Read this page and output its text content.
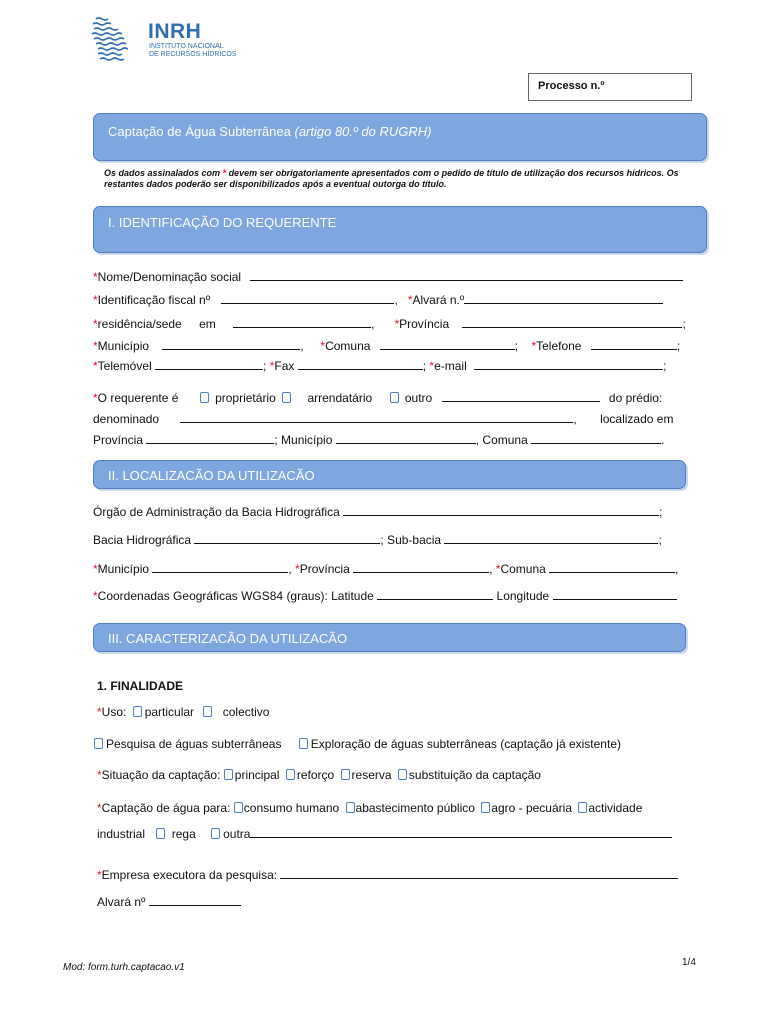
INRH
INSTITUTO NACIONAL
DE RECURSOS HÍDRICOS
Processo n.º
Captação de Água Subterrânea (artigo 80.º do RUGRH)
Os dados assinalados com * devem ser obrigatoriamente apresentados com o pedido de título de utilização dos recursos hídricos. Os restantes dados poderão ser disponibilizados após a eventual outorga do título.
I. IDENTIFICAÇÃO DO REQUERENTE
*Nome/Denominação social
*Identificação fiscal nº	,   *Alvará n.º
*residência/sede em	,      *Província	;
*Município	,     *Comuna	;    *Telefone	;
*Telemóvel	; *Fax	; *e-mail	;
*O requerente é	proprietário	arrendatário	outro	do prédio:
denominado	,       localizado em
Província	; Município	, Comuna	.
II. LOCALIZACÃO DA UTILIZACÃO
Órgão de Administração da Bacia Hidrográfica	;
Bacia Hidrográfica	; Sub-bacia	;
*Município	, *Província	, *Comuna	,
*Coordenadas Geográficas WGS84 (graus): Latitude	Longitude
III. CARACTERIZACÃO DA UTILIZACÃO
1. FINALIDADE
*Uso: particular colectivo
Pesquisa de águas subterrâneas Exploração de águas subterrâneas (captação já existente)
*Situação da captação: principal reforço reserva substituição da captação
*Captação de água para: consumo humano abastecimento público agro - pecuária actividade
industrial rega outra
*Empresa executora da pesquisa:
Alvará nº
Mod: form.turh.captacao.v1	1/4
